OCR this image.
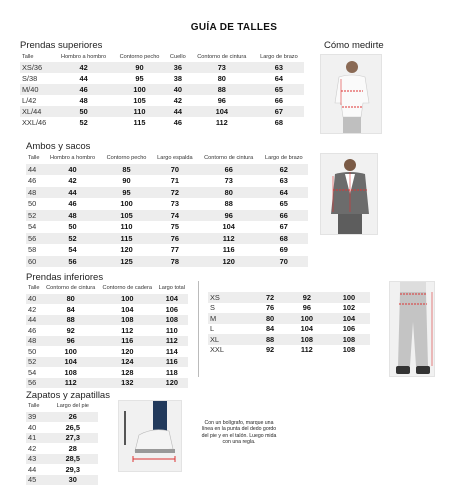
GUÍA DE TALLES
Prendas superiores
Talle	Hombro a hombro	Contorno pecho	Cuello	Contorno de cintura	Largo de brazo
XS/36	42	90	36	73	63
S/38	44	95	38	80	64
M/40	46	100	40	88	65
L/42	48	105	42	96	66
XL/44	50	110	44	104	67
XXL/46	52	115	46	112	68
Cómo medirte
Ambos y sacos
Talle	Hombro a hombro	Contorno pecho	Largo espalda	Contorno de cintura	Largo de brazo
44	40	85	70	66	62
46	42	90	71	73	63
48	44	95	72	80	64
50	46	100	73	88	65
52	48	105	74	96	66
54	50	110	75	104	67
56	52	115	76	112	68
58	54	120	77	116	69
60	56	125	78	120	70
Prendas inferiores
Talle	Contorno de cintura	Contorno de cadera	Largo total
40	80	100	104
42	84	104	106
44	88	108	108
46	92	112	110
48	96	116	112
50	100	120	114
52	104	124	116
54	108	128	118
56	112	132	120
XS	72	92	100
S	76	96	102
M	80	100	104
L	84	104	106
XL	88	108	108
XXL	92	112	108
Zapatos y zapatillas
Talle	Largo del pie
39	26
40	26,5
41	27,3
42	28
43	28,5
44	29,3
45	30
Con un bolígrafo, marque una línea en la punta del dedo gordo del pie y en el talón. Luego mida con una regla.
